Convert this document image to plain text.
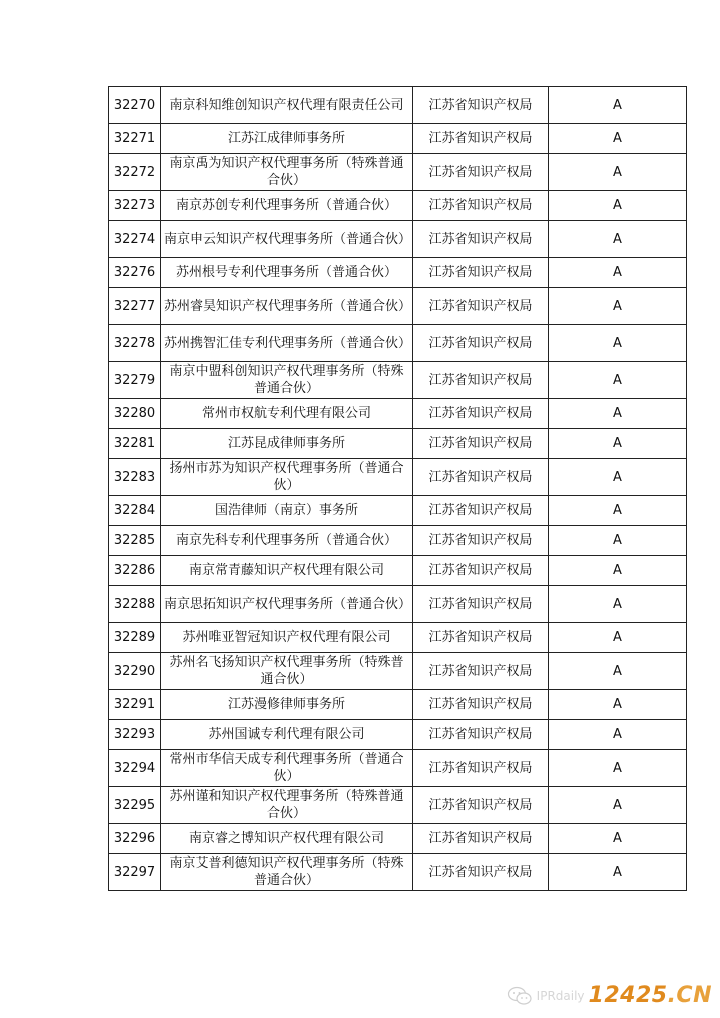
32270	南京科知维创知识产权代理有限责任公司	江苏省知识产权局	A
32271	江苏江成律师事务所	江苏省知识产权局	A
32272	南京禹为知识产权代理事务所（特殊普通合伙）	江苏省知识产权局	A
32273	南京苏创专利代理事务所（普通合伙）	江苏省知识产权局	A
32274	南京申云知识产权代理事务所（普通合伙）	江苏省知识产权局	A
32276	苏州根号专利代理事务所（普通合伙）	江苏省知识产权局	A
32277	苏州睿昊知识产权代理事务所（普通合伙）	江苏省知识产权局	A
32278	苏州携智汇佳专利代理事务所（普通合伙）	江苏省知识产权局	A
32279	南京中盟科创知识产权代理事务所（特殊普通合伙）	江苏省知识产权局	A
32280	常州市权航专利代理有限公司	江苏省知识产权局	A
32281	江苏昆成律师事务所	江苏省知识产权局	A
32283	扬州市苏为知识产权代理事务所（普通合伙）	江苏省知识产权局	A
32284	国浩律师（南京）事务所	江苏省知识产权局	A
32285	南京先科专利代理事务所（普通合伙）	江苏省知识产权局	A
32286	南京常青藤知识产权代理有限公司	江苏省知识产权局	A
32288	南京思拓知识产权代理事务所（普通合伙）	江苏省知识产权局	A
32289	苏州唯亚智冠知识产权代理有限公司	江苏省知识产权局	A
32290	苏州名飞扬知识产权代理事务所（特殊普通合伙）	江苏省知识产权局	A
32291	江苏漫修律师事务所	江苏省知识产权局	A
32293	苏州国诚专利代理有限公司	江苏省知识产权局	A
32294	常州市华信天成专利代理事务所（普通合伙）	江苏省知识产权局	A
32295	苏州谨和知识产权代理事务所（特殊普通合伙）	江苏省知识产权局	A
32296	南京睿之博知识产权代理有限公司	江苏省知识产权局	A
32297	南京艾普利德知识产权代理事务所（特殊普通合伙）	江苏省知识产权局	A
IPRdaily 12425.CN
